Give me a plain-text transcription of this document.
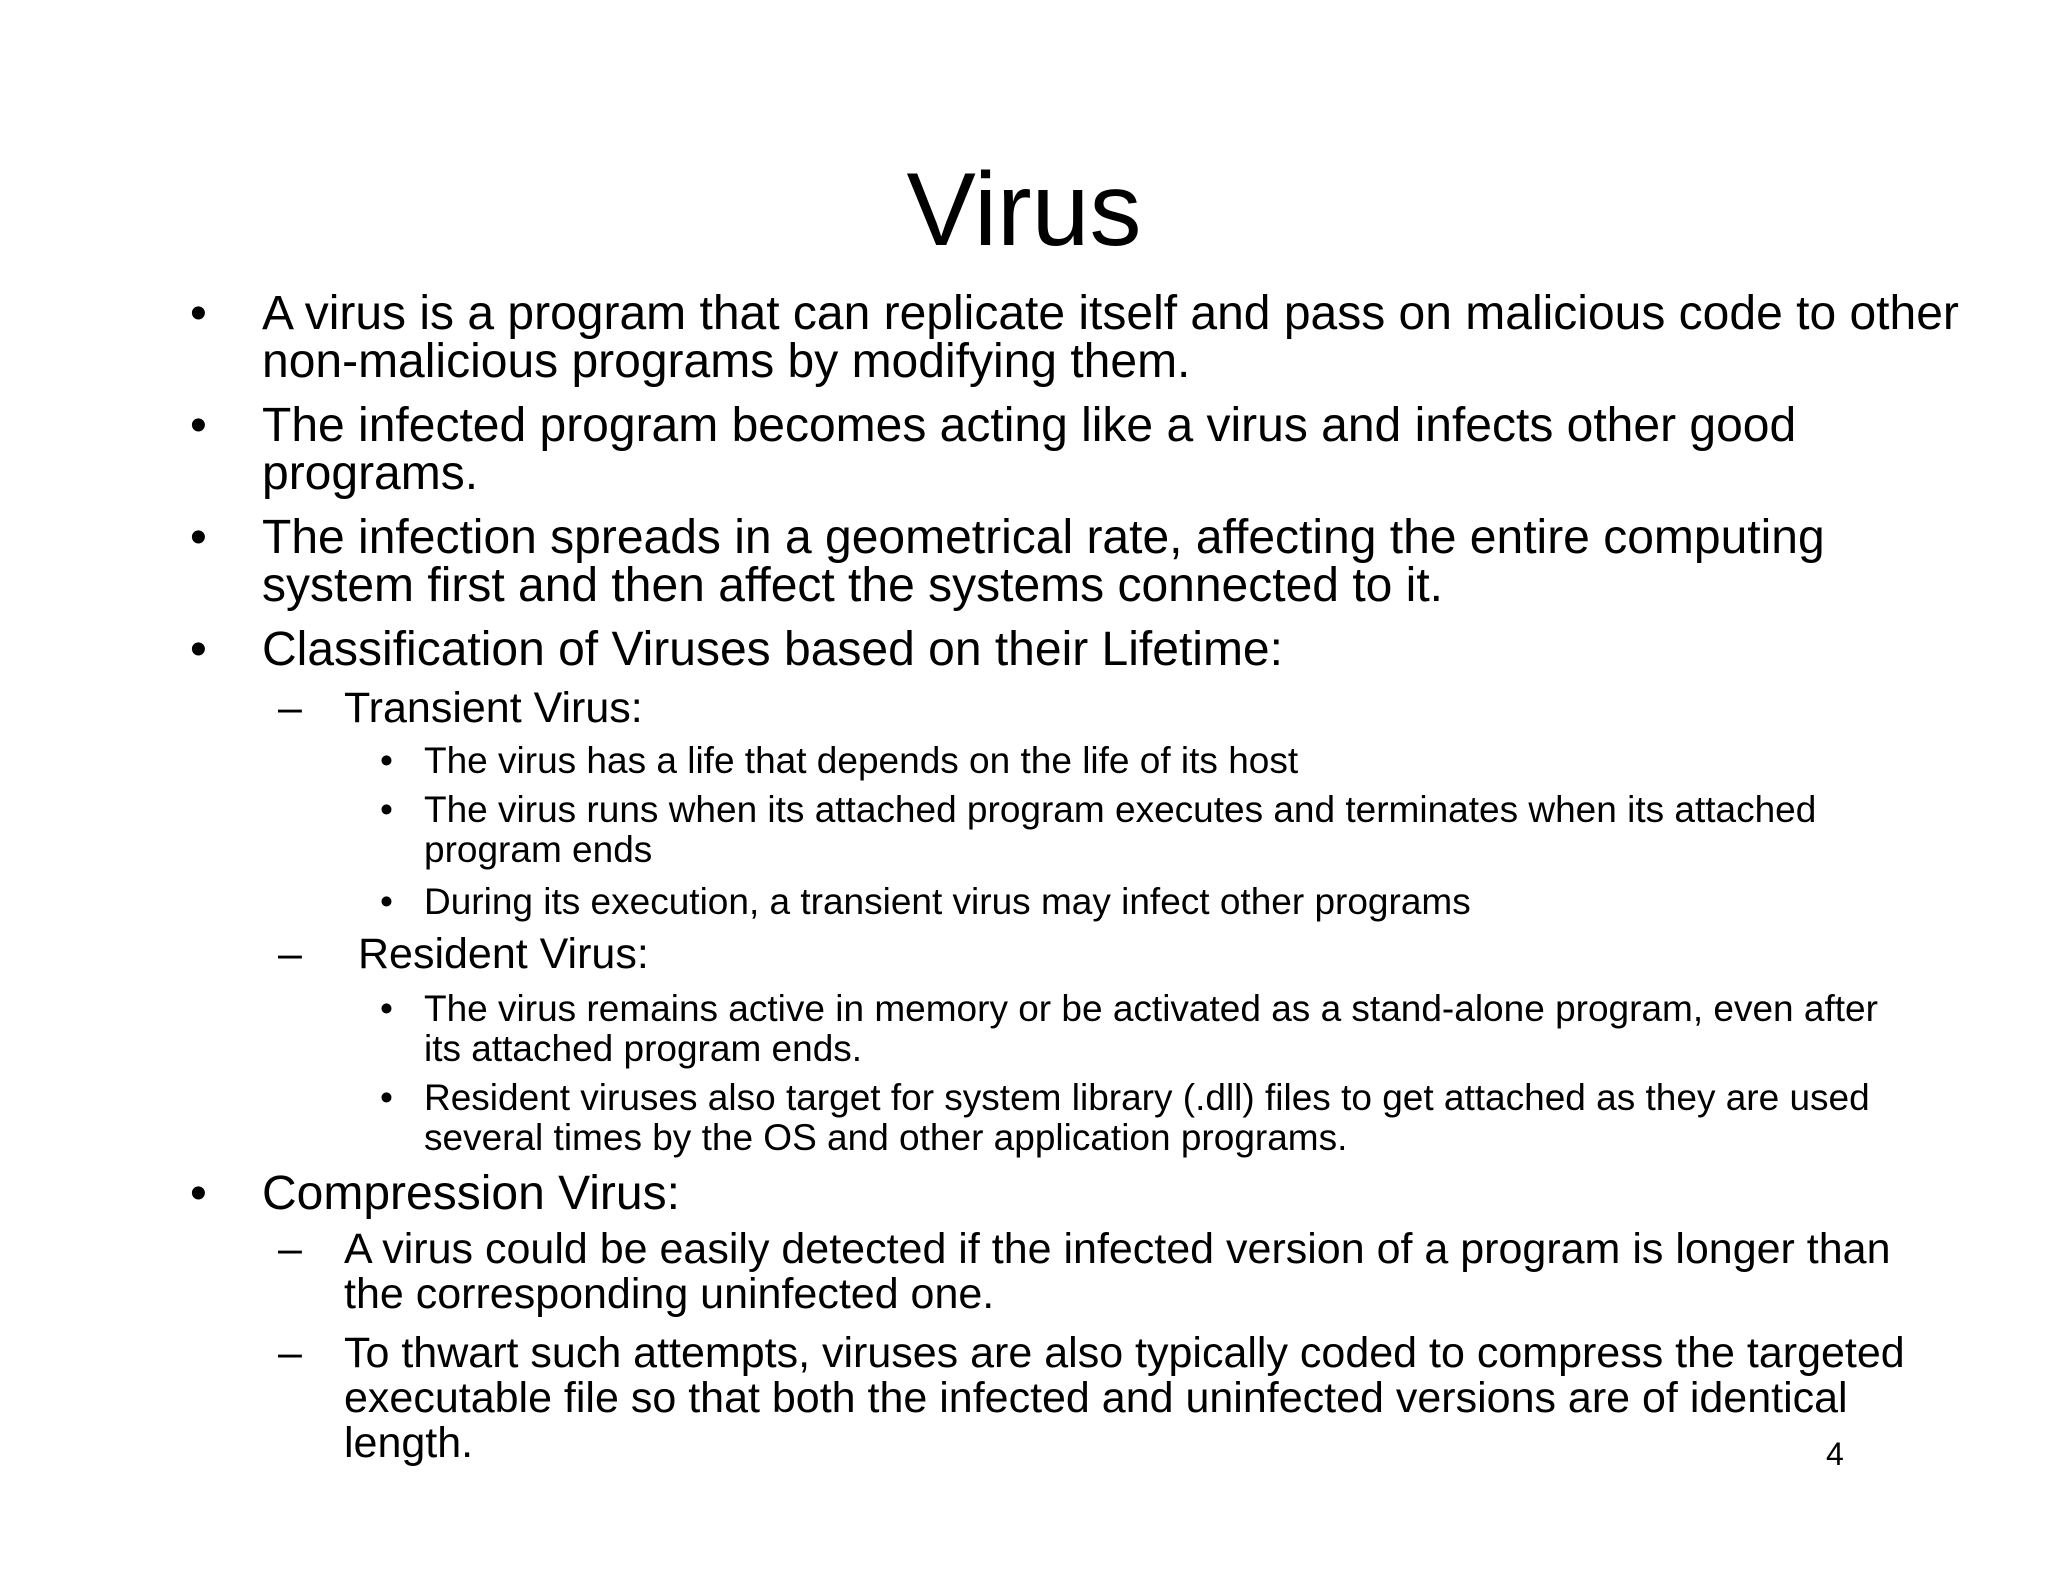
Virus
• A virus is a program that can replicate itself and pass on malicious code to other non-malicious programs by modifying them.
• The infected program becomes acting like a virus and infects other good programs.
• The infection spreads in a geometrical rate, affecting the entire computing system first and then affect the systems connected to it.
• Classification of Viruses based on their Lifetime:
– Transient Virus:
• The virus has a life that depends on the life of its host
• The virus runs when its attached program executes and terminates when its attached program ends
• During its execution, a transient virus may infect other programs
– Resident Virus:
• The virus remains active in memory or be activated as a stand-alone program, even after its attached program ends.
• Resident viruses also target for system library (.dll) files to get attached as they are used several times by the OS and other application programs.
• Compression Virus:
– A virus could be easily detected if the infected version of a program is longer than the corresponding uninfected one.
– To thwart such attempts, viruses are also typically coded to compress the targeted executable file so that both the infected and uninfected versions are of identical length.	4
